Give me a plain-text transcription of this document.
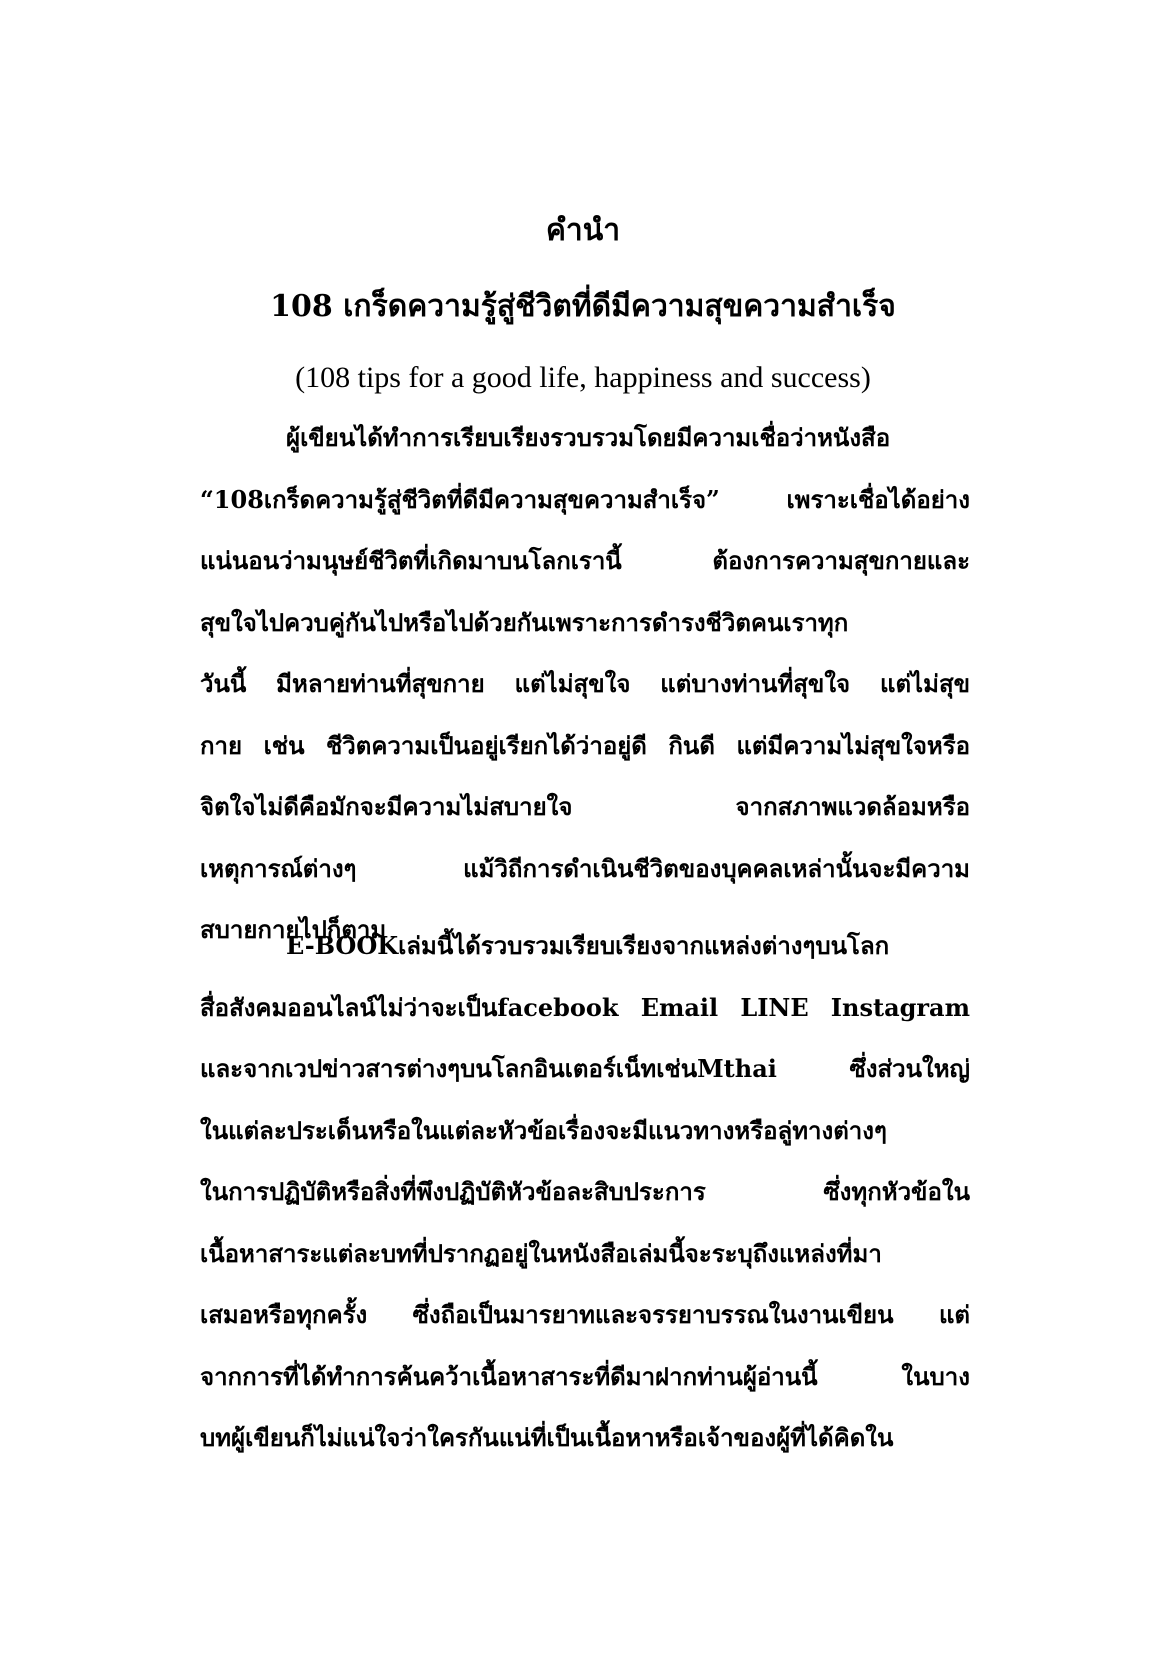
คำนำ
108 เกร็ดความรู้สู่ชีวิตที่ดีมีความสุขความสำเร็จ
(108 tips for a good life, happiness and success)
ผู้เขียนได้ทำการเรียบเรียงรวบรวมโดยมีความเชื่อว่าหนังสือ
“108เกร็ดความรู้สู่ชีวิตที่ดีมีความสุขความสำเร็จ” เพราะเชื่อได้อย่าง
แน่นอนว่ามนุษย์ชีวิตที่เกิดมาบนโลกเรานี้ ต้องการความสุขกายและ
สุขใจไปควบคู่กันไปหรือไปด้วยกันเพราะการดำรงชีวิตคนเราทุก
วันนี้ มีหลายท่านที่สุขกาย แต่ไม่สุขใจ แต่บางท่านที่สุขใจ แต่ไม่สุข
กาย เช่น ชีวิตความเป็นอยู่เรียกได้ว่าอยู่ดี กินดี แต่มีความไม่สุขใจหรือ
จิตใจไม่ดีคือมักจะมีความไม่สบายใจ จากสภาพแวดล้อมหรือ
เหตุการณ์ต่างๆ แม้วิถีการดำเนินชีวิตของบุคคลเหล่านั้นจะมีความ
สบายกายไปก็ตาม
E-BOOKเล่มนี้ได้รวบรวมเรียบเรียงจากแหล่งต่างๆบนโลก
สื่อสังคมออนไลน์ไม่ว่าจะเป็นfacebook Email LINE Instagram
และจากเวปข่าวสารต่างๆบนโลกอินเตอร์เน็ทเช่นMthai ซึ่งส่วนใหญ่
ในแต่ละประเด็นหรือในแต่ละหัวข้อเรื่องจะมีแนวทางหรือลู่ทางต่างๆ
ในการปฏิบัติหรือสิ่งที่พึงปฏิบัติหัวข้อละสิบประการ ซึ่งทุกหัวข้อใน
เนื้อหาสาระแต่ละบทที่ปรากฏอยู่ในหนังสือเล่มนี้จะระบุถึงแหล่งที่มา
เสมอหรือทุกครั้ง ซึ่งถือเป็นมารยาทและจรรยาบรรณในงานเขียน แต่
จากการที่ได้ทำการค้นคว้าเนื้อหาสาระที่ดีมาฝากท่านผู้อ่านนี้ ในบาง
บทผู้เขียนก็ไม่แน่ใจว่าใครกันแน่ที่เป็นเนื้อหาหรือเจ้าของผู้ที่ได้คิดใน
